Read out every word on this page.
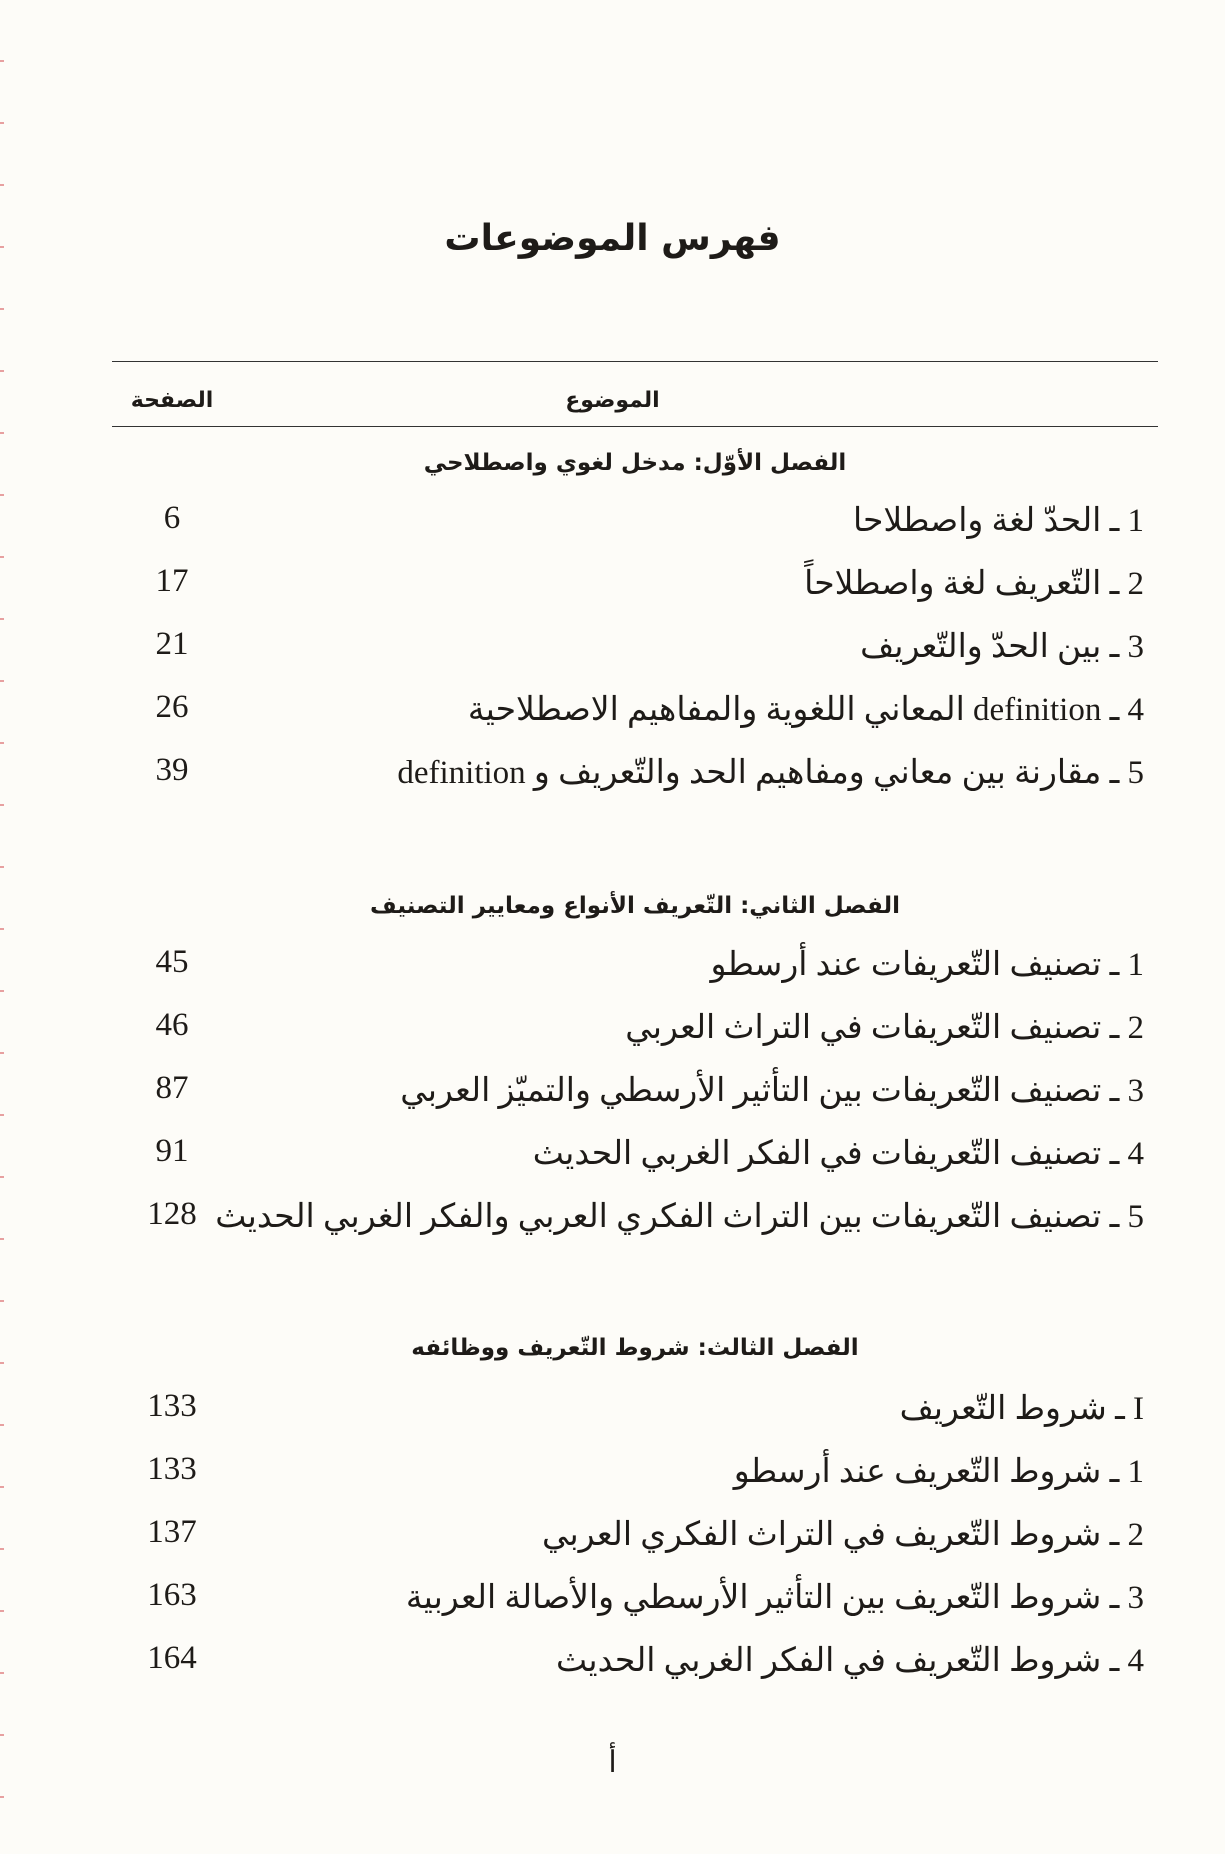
فهرس الموضوعات
الموضوع
الصفحة
الفصل الأوّل: مدخل لغوي واصطلاحي
1 ـ الحدّ لغة واصطلاحا
6
2 ـ التّعريف لغة واصطلاحاً
17
3 ـ بين الحدّ والتّعريف
21
4 ـ definition المعاني اللغوية والمفاهيم الاصطلاحية
26
5 ـ مقارنة بين معاني ومفاهيم الحد والتّعريف و definition
39
الفصل الثاني: التّعريف الأنواع ومعايير التصنيف
1 ـ تصنيف التّعريفات عند أرسطو
45
2 ـ تصنيف التّعريفات في التراث العربي
46
3 ـ تصنيف التّعريفات بين التأثير الأرسطي والتميّز العربي
87
4 ـ تصنيف التّعريفات في الفكر الغربي الحديث
91
5 ـ تصنيف التّعريفات بين التراث الفكري العربي والفكر الغربي الحديث
128
الفصل الثالث: شروط التّعريف ووظائفه
I ـ شروط التّعريف
133
1 ـ شروط التّعريف عند أرسطو
133
2 ـ شروط التّعريف في التراث الفكري العربي
137
3 ـ شروط التّعريف بين التأثير الأرسطي والأصالة العربية
163
4 ـ شروط التّعريف في الفكر الغربي الحديث
164
أ
